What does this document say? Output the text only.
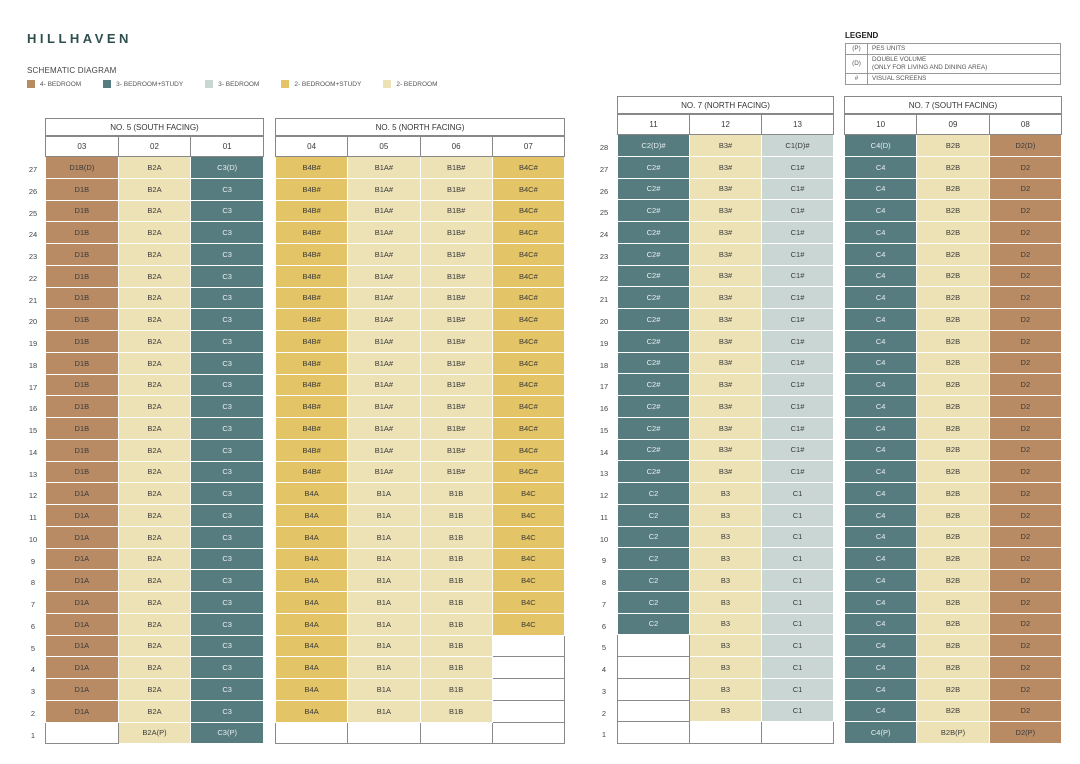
HILLHAVEN
SCHEMATIC DIAGRAM
4- BEDROOM	3- BEDROOM+STUDY	3- BEDROOM	2- BEDROOM+STUDY	2- BEDROOM
LEGEND
(P)	PES UNITS
(D)	DOUBLE VOLUME
(ONLY FOR LIVING AND DINING AREA)
#	VISUAL SCREENS
27
26
25
24
23
22
21
20
19
18
17
16
15
14
13
12
11
10
9
8
7
6
5
4
3
2
1
28
27
26
25
24
23
22
21
20
19
18
17
16
15
14
13
12
11
10
9
8
7
6
5
4
3
2
1
NO. 5 (SOUTH FACING)
03	02	01
D1B(D)	B2A	C3(D)
D1B	B2A	C3
D1B	B2A	C3
D1B	B2A	C3
D1B	B2A	C3
D1B	B2A	C3
D1B	B2A	C3
D1B	B2A	C3
D1B	B2A	C3
D1B	B2A	C3
D1B	B2A	C3
D1B	B2A	C3
D1B	B2A	C3
D1B	B2A	C3
D1B	B2A	C3
D1A	B2A	C3
D1A	B2A	C3
D1A	B2A	C3
D1A	B2A	C3
D1A	B2A	C3
D1A	B2A	C3
D1A	B2A	C3
D1A	B2A	C3
D1A	B2A	C3
D1A	B2A	C3
D1A	B2A	C3
	B2A(P)	C3(P)
NO. 5 (NORTH FACING)
04	05	06	07
B4B#	B1A#	B1B#	B4C#
B4B#	B1A#	B1B#	B4C#
B4B#	B1A#	B1B#	B4C#
B4B#	B1A#	B1B#	B4C#
B4B#	B1A#	B1B#	B4C#
B4B#	B1A#	B1B#	B4C#
B4B#	B1A#	B1B#	B4C#
B4B#	B1A#	B1B#	B4C#
B4B#	B1A#	B1B#	B4C#
B4B#	B1A#	B1B#	B4C#
B4B#	B1A#	B1B#	B4C#
B4B#	B1A#	B1B#	B4C#
B4B#	B1A#	B1B#	B4C#
B4B#	B1A#	B1B#	B4C#
B4B#	B1A#	B1B#	B4C#
B4A	B1A	B1B	B4C
B4A	B1A	B1B	B4C
B4A	B1A	B1B	B4C
B4A	B1A	B1B	B4C
B4A	B1A	B1B	B4C
B4A	B1A	B1B	B4C
B4A	B1A	B1B	B4C
B4A	B1A	B1B	
B4A	B1A	B1B	
B4A	B1A	B1B	
B4A	B1A	B1B	

NO. 7 (NORTH FACING)
11	12	13
C2(D)#	B3#	C1(D)#
C2#	B3#	C1#
C2#	B3#	C1#
C2#	B3#	C1#
C2#	B3#	C1#
C2#	B3#	C1#
C2#	B3#	C1#
C2#	B3#	C1#
C2#	B3#	C1#
C2#	B3#	C1#
C2#	B3#	C1#
C2#	B3#	C1#
C2#	B3#	C1#
C2#	B3#	C1#
C2#	B3#	C1#
C2#	B3#	C1#
C2	B3	C1
C2	B3	C1
C2	B3	C1
C2	B3	C1
C2	B3	C1
C2	B3	C1
C2	B3	C1
	B3	C1
	B3	C1
	B3	C1
	B3	C1

NO. 7 (SOUTH FACING)
10	09	08
C4(D)	B2B	D2(D)
C4	B2B	D2
C4	B2B	D2
C4	B2B	D2
C4	B2B	D2
C4	B2B	D2
C4	B2B	D2
C4	B2B	D2
C4	B2B	D2
C4	B2B	D2
C4	B2B	D2
C4	B2B	D2
C4	B2B	D2
C4	B2B	D2
C4	B2B	D2
C4	B2B	D2
C4	B2B	D2
C4	B2B	D2
C4	B2B	D2
C4	B2B	D2
C4	B2B	D2
C4	B2B	D2
C4	B2B	D2
C4	B2B	D2
C4	B2B	D2
C4	B2B	D2
C4	B2B	D2
C4(P)	B2B(P)	D2(P)
